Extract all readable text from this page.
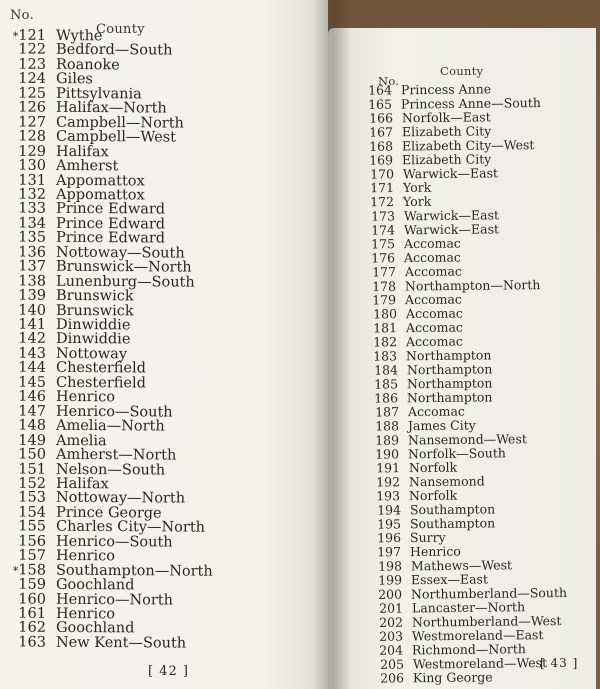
No.
County
[ 42 ]
*121 Wythe
122 Bedford—South
123 Roanoke
124 Giles
125 Pittsylvania
126 Halifax—North
127 Campbell—North
128 Campbell—West
129 Halifax
130 Amherst
131 Appomattox
132 Appomattox
133 Prince Edward
134 Prince Edward
135 Prince Edward
136 Nottoway—South
137 Brunswick—North
138 Lunenburg—South
139 Brunswick
140 Brunswick
141 Dinwiddie
142 Dinwiddie
143 Nottoway
144 Chesterfield
145 Chesterfield
146 Henrico
147 Henrico—South
148 Amelia—North
149 Amelia
150 Amherst—North
151 Nelson—South
152 Halifax
153 Nottoway—North
154 Prince George
155 Charles City—North
156 Henrico—South
157 Henrico
*158 Southampton—North
159 Goochland
160 Henrico—North
161 Henrico
162 Goochland
163 New Kent—South
No.
County
[ 43 ]
164 Princess Anne
165 Princess Anne—South
166 Norfolk—East
167 Elizabeth City
168 Elizabeth City—West
169 Elizabeth City
170 Warwick—East
171 York
172 York
173 Warwick—East
174 Warwick—East
175 Accomac
176 Accomac
177 Accomac
178 Northampton—North
179 Accomac
180 Accomac
181 Accomac
182 Accomac
183 Northampton
184 Northampton
185 Northampton
186 Northampton
187 Accomac
188 James City
189 Nansemond—West
190 Norfolk—South
191 Norfolk
192 Nansemond
193 Norfolk
194 Southampton
195 Southampton
196 Surry
197 Henrico
198 Mathews—West
199 Essex—East
200 Northumberland—South
201 Lancaster—North
202 Northumberland—West
203 Westmoreland—East
204 Richmond—North
205 Westmoreland—West
206 King George
